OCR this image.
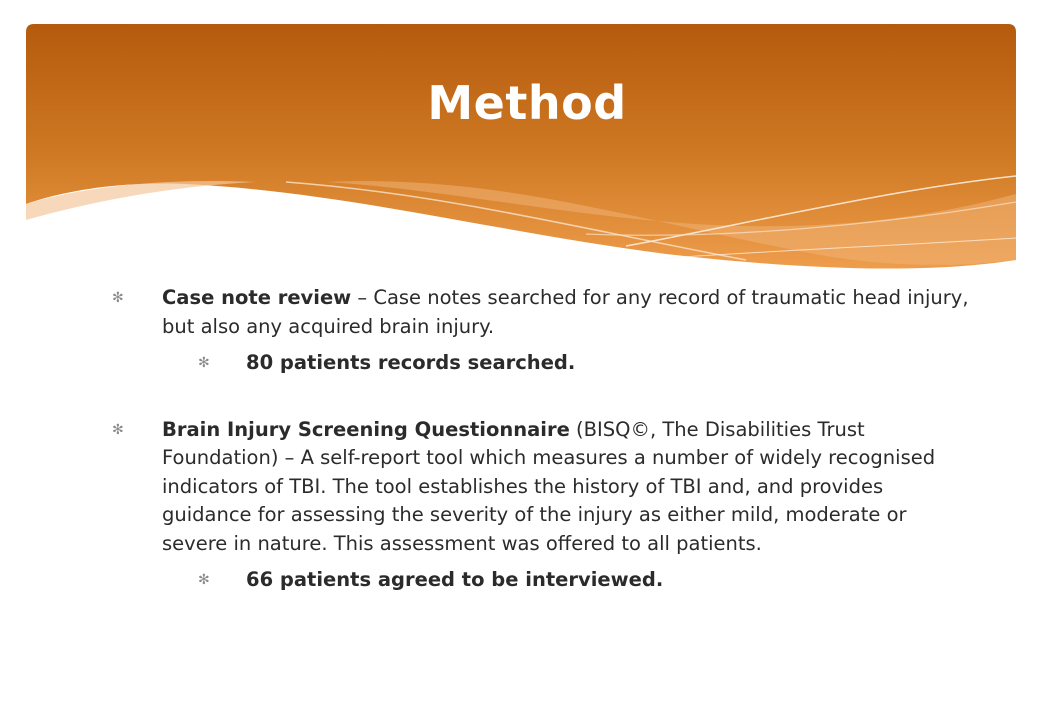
Method
✻ Case note review – Case notes searched for any record of traumatic head injury, but also any acquired brain injury.
✻ 80 patients records searched.
✻ Brain Injury Screening Questionnaire (BISQ©, The Disabilities Trust Foundation) – A self-report tool which measures a number of widely recognised indicators of TBI. The tool establishes the history of TBI and, and provides guidance for assessing the severity of the injury as either mild, moderate or severe in nature. This assessment was offered to all patients.
✻ 66 patients agreed to be interviewed.
